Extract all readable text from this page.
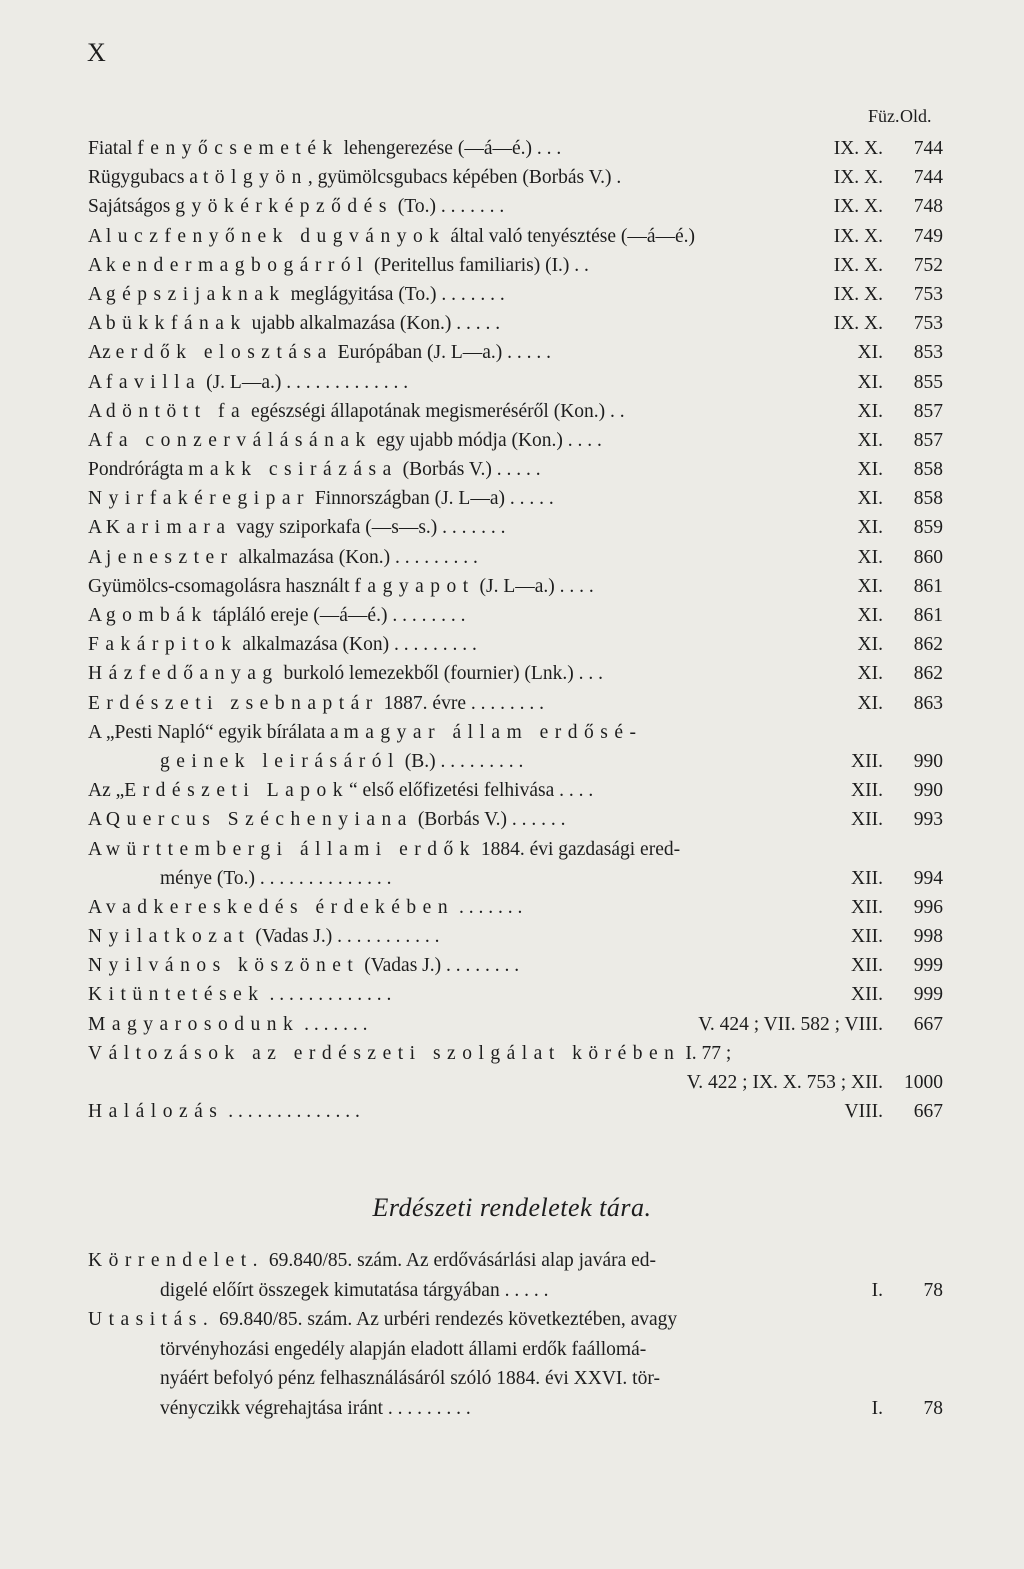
X
Füz. Old.
Fiatal fenyőcsemeték lehengerezése (—á—é.) . . .	IX. X.	744
Rügygubacs a tölgyön, gyümölcsgubacs képében (Borbás V.) .	IX. X.	744
Sajátságos gyökérképződés (To.) . . . . . . .	IX. X.	748
A luczfenyőnek dugványok által való tenyésztése (—á—é.)	IX. X.	749
A kendermagbogárról (Peritellus familiaris) (I.) . .	IX. X.	752
A gépszijaknak meglágyitása (To.) . . . . . . .	IX. X.	753
A bükkfának ujabb alkalmazása (Kon.) . . . . .	IX. X.	753
Az erdők elosztása Európában (J. L—a.) . . . . .	XI.	853
A favilla (J. L—a.) . . . . . . . . . . . . .	XI.	855
A döntött fa egészségi állapotának megismeréséről (Kon.) . .	XI.	857
A fa conzerválásának egy ujabb módja (Kon.) . . . .	XI.	857
Pondrórágta makk csirázása (Borbás V.) . . . . .	XI.	858
Nyirfakéregipar Finnországban (J. L—a) . . . . .	XI.	858
A Karimara vagy sziporkafa (—s—s.) . . . . . . .	XI.	859
A jeneszter alkalmazása (Kon.) . . . . . . . . .	XI.	860
Gyümölcs-csomagolásra használt fagyapot (J. L—a.) . . . .	XI.	861
A gombák tápláló ereje (—á—é.) . . . . . . . .	XI.	861
Fakárpitok alkalmazása (Kon) . . . . . . . . .	XI.	862
Házfedőanyag burkoló lemezekből (fournier) (Lnk.) . . .	XI.	862
Erdészeti zsebnaptár 1887. évre . . . . . . . .	XI.	863
A „Pesti Napló“ egyik bírálata a magyar állam erdősé-
geinek leirásáról (B.) . . . . . . . . .	XII.	990
Az „Erdészeti Lapok“ első előfizetési felhivása . . . .	XII.	990
A Quercus Széchenyiana (Borbás V.) . . . . . .	XII.	993
A württembergi állami erdők 1884. évi gazdasági ered-
ménye (To.) . . . . . . . . . . . . . .	XII.	994
A vadkereskedés érdekében . . . . . . .	XII.	996
Nyilatkozat (Vadas J.) . . . . . . . . . . .	XII.	998
Nyilvános köszönet (Vadas J.) . . . . . . . .	XII.	999
Kitüntetések . . . . . . . . . . . . .	XII.	999
Magyarosodunk . . . . . . .	V. 424 ; VII. 582 ; VIII.	667
Változások az erdészeti szolgálat körében I. 77 ;
V. 422 ; IX. X. 753 ; XII.	1000
Halálozás . . . . . . . . . . . . . .	VIII.	667
Erdészeti rendeletek tára.
Körrendelet. 69.840/85. szám. Az erdővásárlási alap javára ed-
digelé előírt összegek kimutatása tárgyában . . . . .	I.	78
Utasitás. 69.840/85. szám. Az urbéri rendezés következtében, avagy
törvényhozási engedély alapján eladott állami erdők faállomá-
nyáért befolyó pénz felhasználásáról szóló 1884. évi XXVI. tör-
vényczikk végrehajtása iránt . . . . . . . . .	I.	78
